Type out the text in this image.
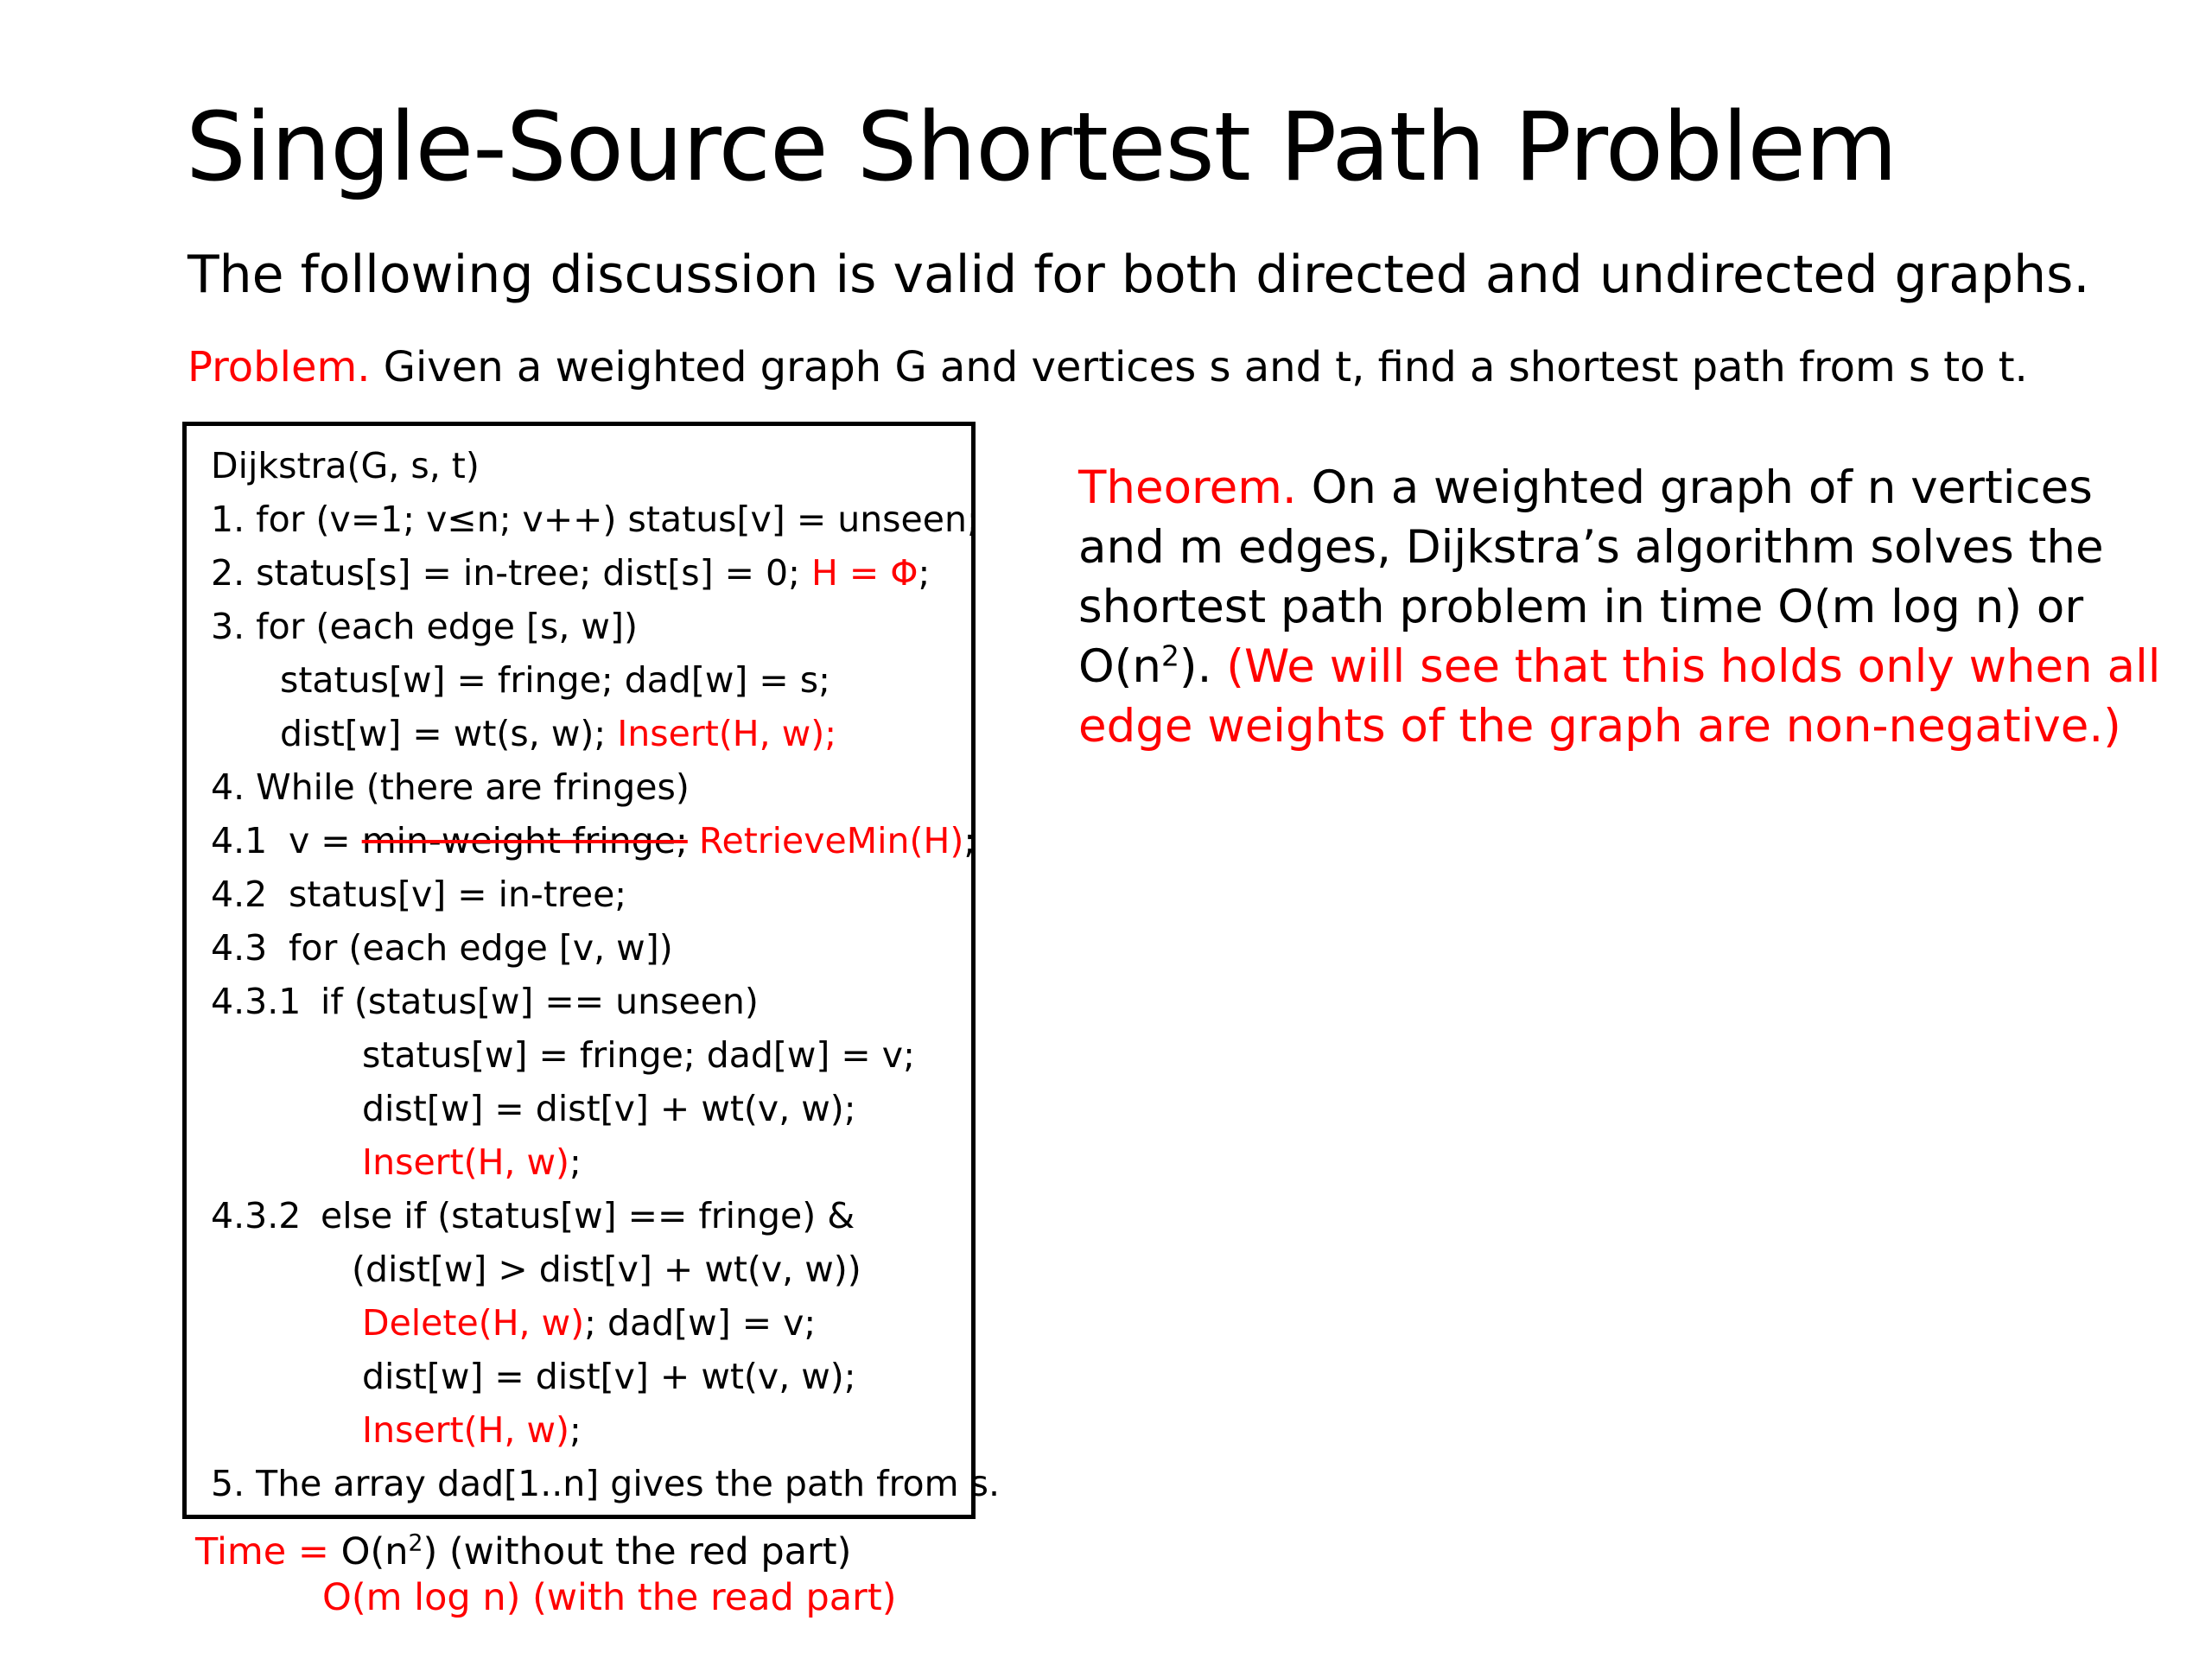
Single-Source Shortest Path Problem
The following discussion is valid for both directed and undirected graphs.
Problem. Given a weighted graph G and vertices s and t, find a shortest path from s to t.
Dijkstra(G, s, t)
1. for (v=1; v≤n; v++) status[v] = unseen;
2. status[s] = in-tree; dist[s] = 0; H = Φ;
3. for (each edge [s, w])
status[w] = fringe; dad[w] = s;
dist[w] = wt(s, w); Insert(H, w);
4. While (there are fringes)
4.1 v = min-weight fringe; RetrieveMin(H);
4.2 status[v] = in-tree;
4.3 for (each edge [v, w])
4.3.1 if (status[w] == unseen)
status[w] = fringe; dad[w] = v;
dist[w] = dist[v] + wt(v, w);
Insert(H, w);
4.3.2 else if (status[w] == fringe) &
(dist[w] > dist[v] + wt(v, w))
Delete(H, w); dad[w] = v;
dist[w] = dist[v] + wt(v, w);
Insert(H, w);
5. The array dad[1..n] gives the path from s.
Theorem. On a weighted graph of n vertices and m edges, Dijkstra’s algorithm solves the shortest path problem in time O(m log n) or $O(n^2)$. (We will see that this holds only when all edge weights of the graph are non-negative.)
Time = $O(n^2)$ (without the red part)
O(m log n) (with the read part)
